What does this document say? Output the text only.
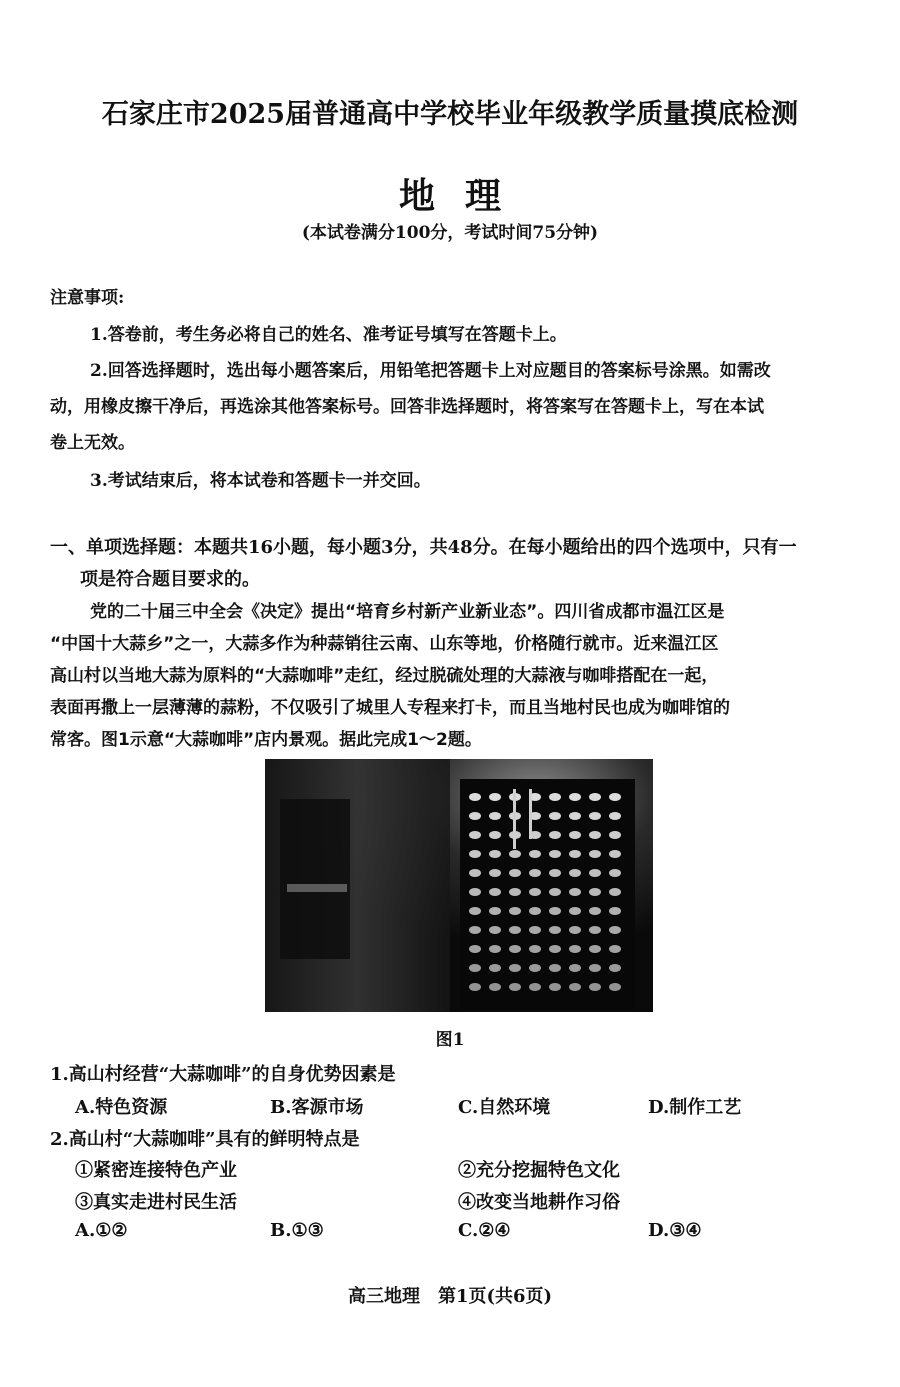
石家庄市2025届普通高中学校毕业年级教学质量摸底检测
地理
(本试卷满分100分，考试时间75分钟)
注意事项:
1.答卷前，考生务必将自己的姓名、准考证号填写在答题卡上。
2.回答选择题时，选出每小题答案后，用铅笔把答题卡上对应题目的答案标号涂黑。如需改
动，用橡皮擦干净后，再选涂其他答案标号。回答非选择题时，将答案写在答题卡上，写在本试
卷上无效。
3.考试结束后，将本试卷和答题卡一并交回。
一、单项选择题：本题共16小题，每小题3分，共48分。在每小题给出的四个选项中，只有一
项是符合题目要求的。
党的二十届三中全会《决定》提出“培育乡村新产业新业态”。四川省成都市温江区是
“中国十大蒜乡”之一，大蒜多作为种蒜销往云南、山东等地，价格随行就市。近来温江区
高山村以当地大蒜为原料的“大蒜咖啡”走红，经过脱硫处理的大蒜液与咖啡搭配在一起，
表面再撒上一层薄薄的蒜粉，不仅吸引了城里人专程来打卡，而且当地村民也成为咖啡馆的
常客。图1示意“大蒜咖啡”店内景观。据此完成1～2题。
图1
1.高山村经营“大蒜咖啡”的自身优势因素是
A.特色资源	B.客源市场	C.自然环境	D.制作工艺
2.高山村“大蒜咖啡”具有的鲜明特点是
①紧密连接特色产业	②充分挖掘特色文化
③真实走进村民生活	④改变当地耕作习俗
A.①②	B.①③	C.②④	D.③④
高三地理　第1页(共6页)
